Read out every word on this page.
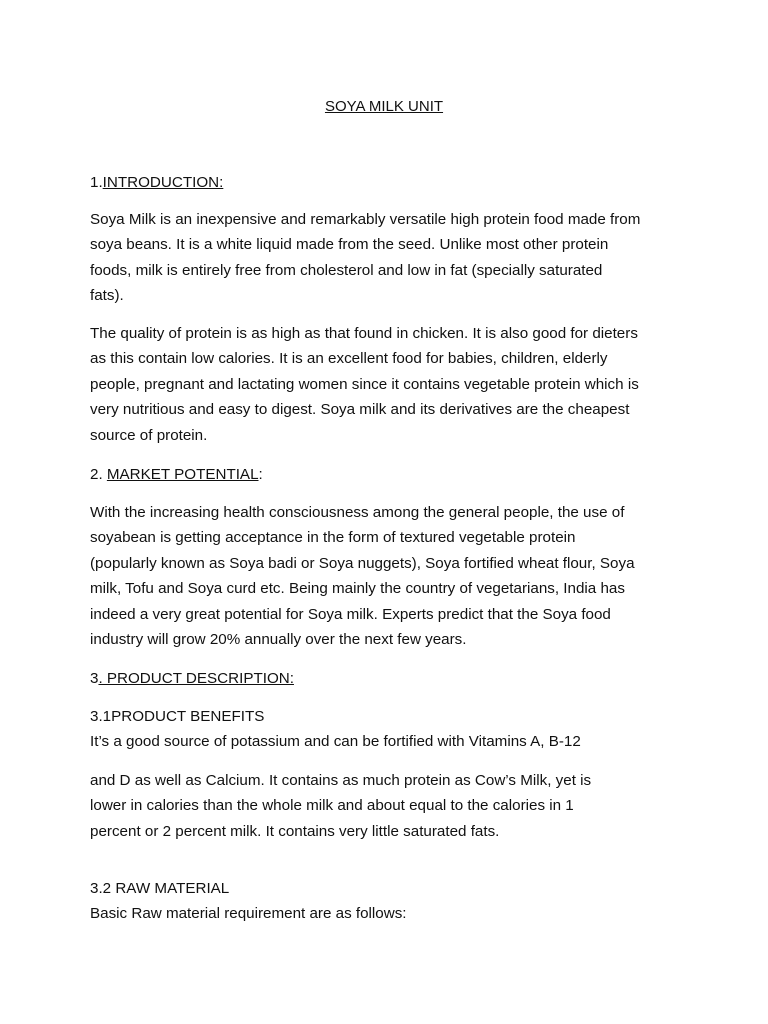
SOYA MILK UNIT
1.INTRODUCTION:
Soya Milk is an inexpensive and remarkably versatile high protein food made from
soya beans. It is a white liquid made from the seed. Unlike most other protein
foods, milk is entirely free from cholesterol and low in fat (specially saturated
fats).
The quality of protein is as high as that found in chicken. It is also good for dieters
as this contain low calories. It is an excellent food for babies, children, elderly
people, pregnant and lactating women since it contains vegetable protein which is
very nutritious and easy to digest. Soya milk and its derivatives are the cheapest
source of protein.
2. MARKET POTENTIAL:
With the increasing health consciousness among the general people, the use of
soyabean is getting acceptance in the form of textured vegetable protein
(popularly known as Soya badi or Soya nuggets), Soya fortified wheat flour, Soya
milk, Tofu and Soya curd etc. Being mainly the country of vegetarians, India has
indeed a very great potential for Soya milk. Experts predict that the Soya food
industry will grow 20% annually over the next few years.
3. PRODUCT DESCRIPTION:
3.1PRODUCT BENEFITS
It’s a good source of potassium and can be fortified with Vitamins A, B-12
and D as well as Calcium. It contains as much protein as Cow’s Milk, yet is
lower in calories than the whole milk and about equal to the calories in 1
percent or 2 percent milk. It contains very little saturated fats.
3.2 RAW MATERIAL
Basic Raw material requirement are as follows:
